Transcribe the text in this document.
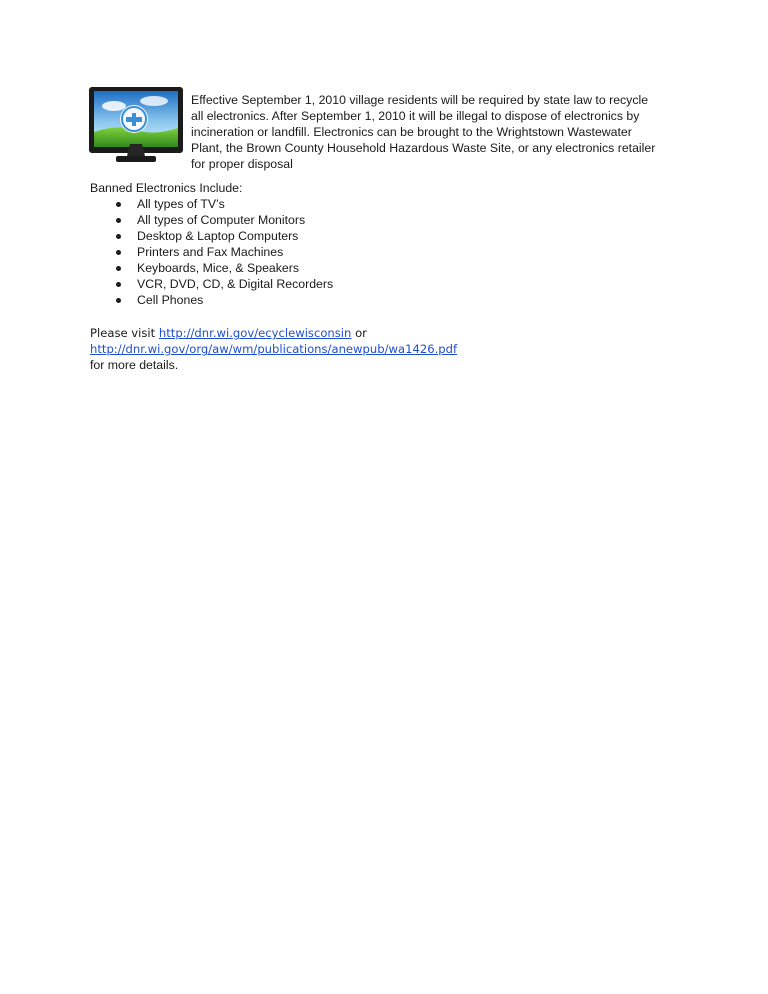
Effective September 1, 2010 village residents will be required by state law to recycle all electronics. After September 1, 2010 it will be illegal to dispose of electronics by incineration or landfill. Electronics can be brought to the Wrightstown Wastewater Plant, the Brown County Household Hazardous Waste Site, or any electronics retailer for proper disposal

Banned Electronics Include:

All types of TV’s
All types of Computer Monitors
Desktop & Laptop Computers
Printers and Fax Machines
Keyboards, Mice, & Speakers
VCR, DVD, CD, & Digital Recorders
Cell Phones
Please visit http://dnr.wi.gov/ecyclewisconsin or
http://dnr.wi.gov/org/aw/wm/publications/anewpub/wa1426.pdf
for more details.
